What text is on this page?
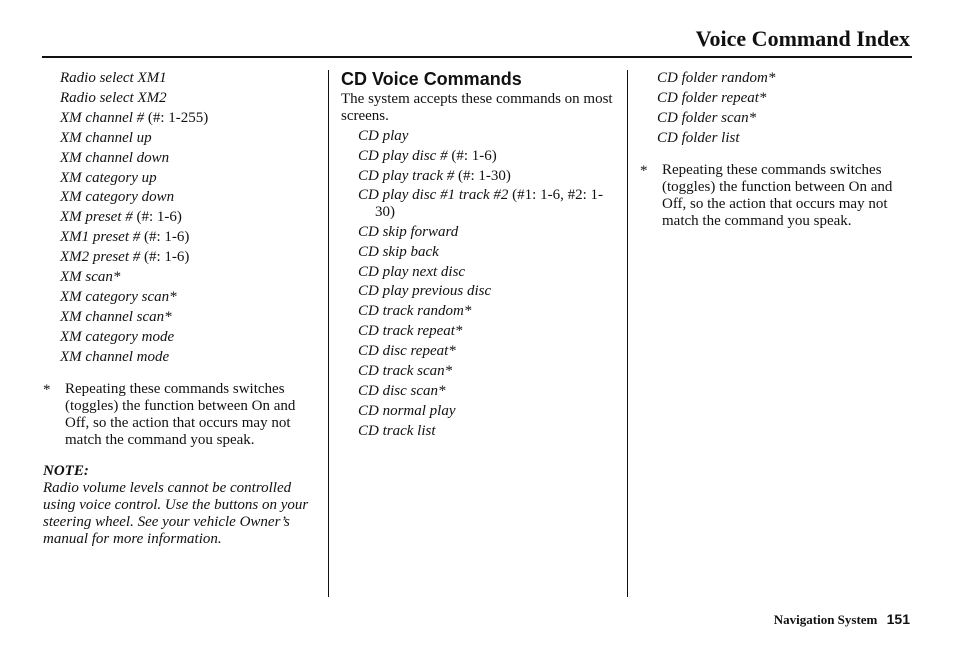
Voice Command Index
Radio select XM1
Radio select XM2
XM channel # (#: 1-255)
XM channel up
XM channel down
XM category up
XM category down
XM preset # (#: 1-6)
XM1 preset # (#: 1-6)
XM2 preset # (#: 1-6)
XM scan*
XM category scan*
XM channel scan*
XM category mode
XM channel mode
* Repeating these commands switches (toggles) the function between On and Off, so the action that occurs may not match the command you speak.
NOTE:
Radio volume levels cannot be controlled using voice control. Use the buttons on your steering wheel. See your vehicle Owner’s manual for more information.
CD Voice Commands
The system accepts these commands on most screens.
CD play
CD play disc # (#: 1-6)
CD play track # (#: 1-30)
CD play disc #1 track #2 (#1: 1-6, #2: 1-30)
CD skip forward
CD skip back
CD play next disc
CD play previous disc
CD track random*
CD track repeat*
CD disc repeat*
CD track scan*
CD disc scan*
CD normal play
CD track list
CD folder random*
CD folder repeat*
CD folder scan*
CD folder list
* Repeating these commands switches (toggles) the function between On and Off, so the action that occurs may not match the command you speak.
Navigation System 151
